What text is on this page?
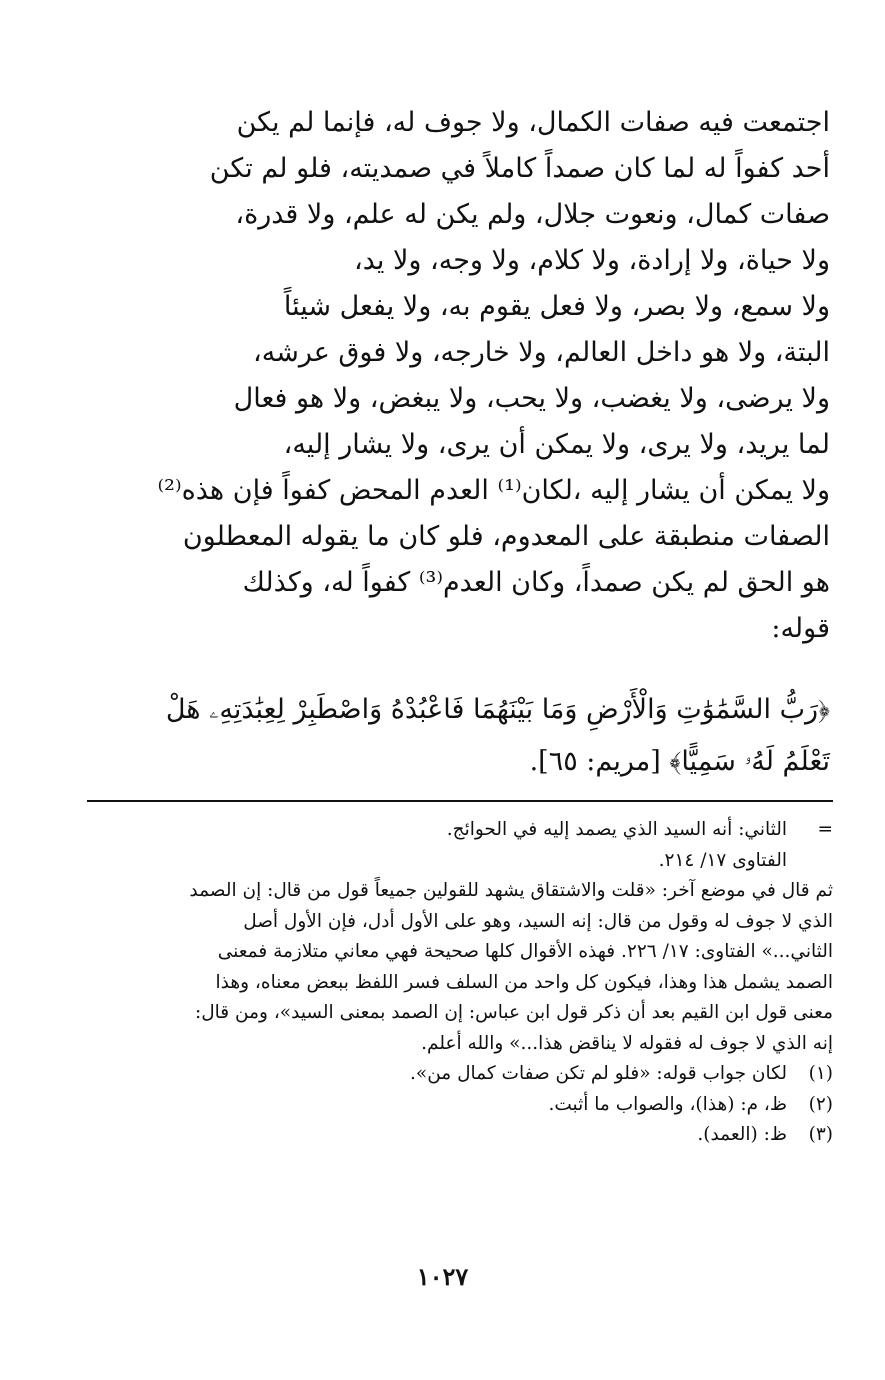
اجتمعت فيه صفات الكمال، ولا جوف له، فإنما لم يكن
أحد كفواً له لما كان صمداً كاملاً في صمديته، فلو لم تكن
صفات كمال، ونعوت جلال، ولم يكن له علم، ولا قدرة،
ولا حياة، ولا إرادة، ولا كلام، ولا وجه، ولا يد،
ولا سمع، ولا بصر، ولا فعل يقوم به، ولا يفعل شيئاً
البتة، ولا هو داخل العالم، ولا خارجه، ولا فوق عرشه،
ولا يرضى، ولا يغضب، ولا يحب، ولا يبغض، ولا هو فعال
لما يريد، ولا يرى، ولا يمكن أن يرى، ولا يشار إليه،
ولا يمكن أن يشار إليه ،لكان⁽¹⁾ العدم المحض كفواً فإن هذه⁽²⁾
الصفات منطبقة على المعدوم، فلو كان ما يقوله المعطلون
هو الحق لم يكن صمداً، وكان العدم⁽³⁾ كفواً له، وكذلك
قوله:
﴿رَبُّ السَّمَٰوَٰتِ وَالْأَرْضِ وَمَا بَيْنَهُمَا فَاعْبُدْهُ وَاصْطَبِرْ لِعِبَٰدَتِهِۦ هَلْ
تَعْلَمُ لَهُۥ سَمِيًّا﴾ [مريم: ٦٥].
=الثاني: أنه السيد الذي يصمد إليه في الحوائج.
الفتاوى ١٧/ ٢١٤.
ثم قال في موضع آخر: «قلت والاشتقاق يشهد للقولين جميعاً قول من قال: إن الصمد
الذي لا جوف له وقول من قال: إنه السيد، وهو على الأول أدل، فإن الأول أصل
الثاني...» الفتاوى: ١٧/ ٢٢٦. فهذه الأقوال كلها صحيحة فهي معاني متلازمة فمعنى
الصمد يشمل هذا وهذا، فيكون كل واحد من السلف فسر اللفظ ببعض معناه، وهذا
معنى قول ابن القيم بعد أن ذكر قول ابن عباس: إن الصمد بمعنى السيد»، ومن قال:
إنه الذي لا جوف له فقوله لا يناقض هذا...» والله أعلم.
(١)لكان جواب قوله: «فلو لم تكن صفات كمال من».
(٢)ظ، م: (هذا)، والصواب ما أثبت.
(٣)ظ: (العمد).
١٠٢٧
